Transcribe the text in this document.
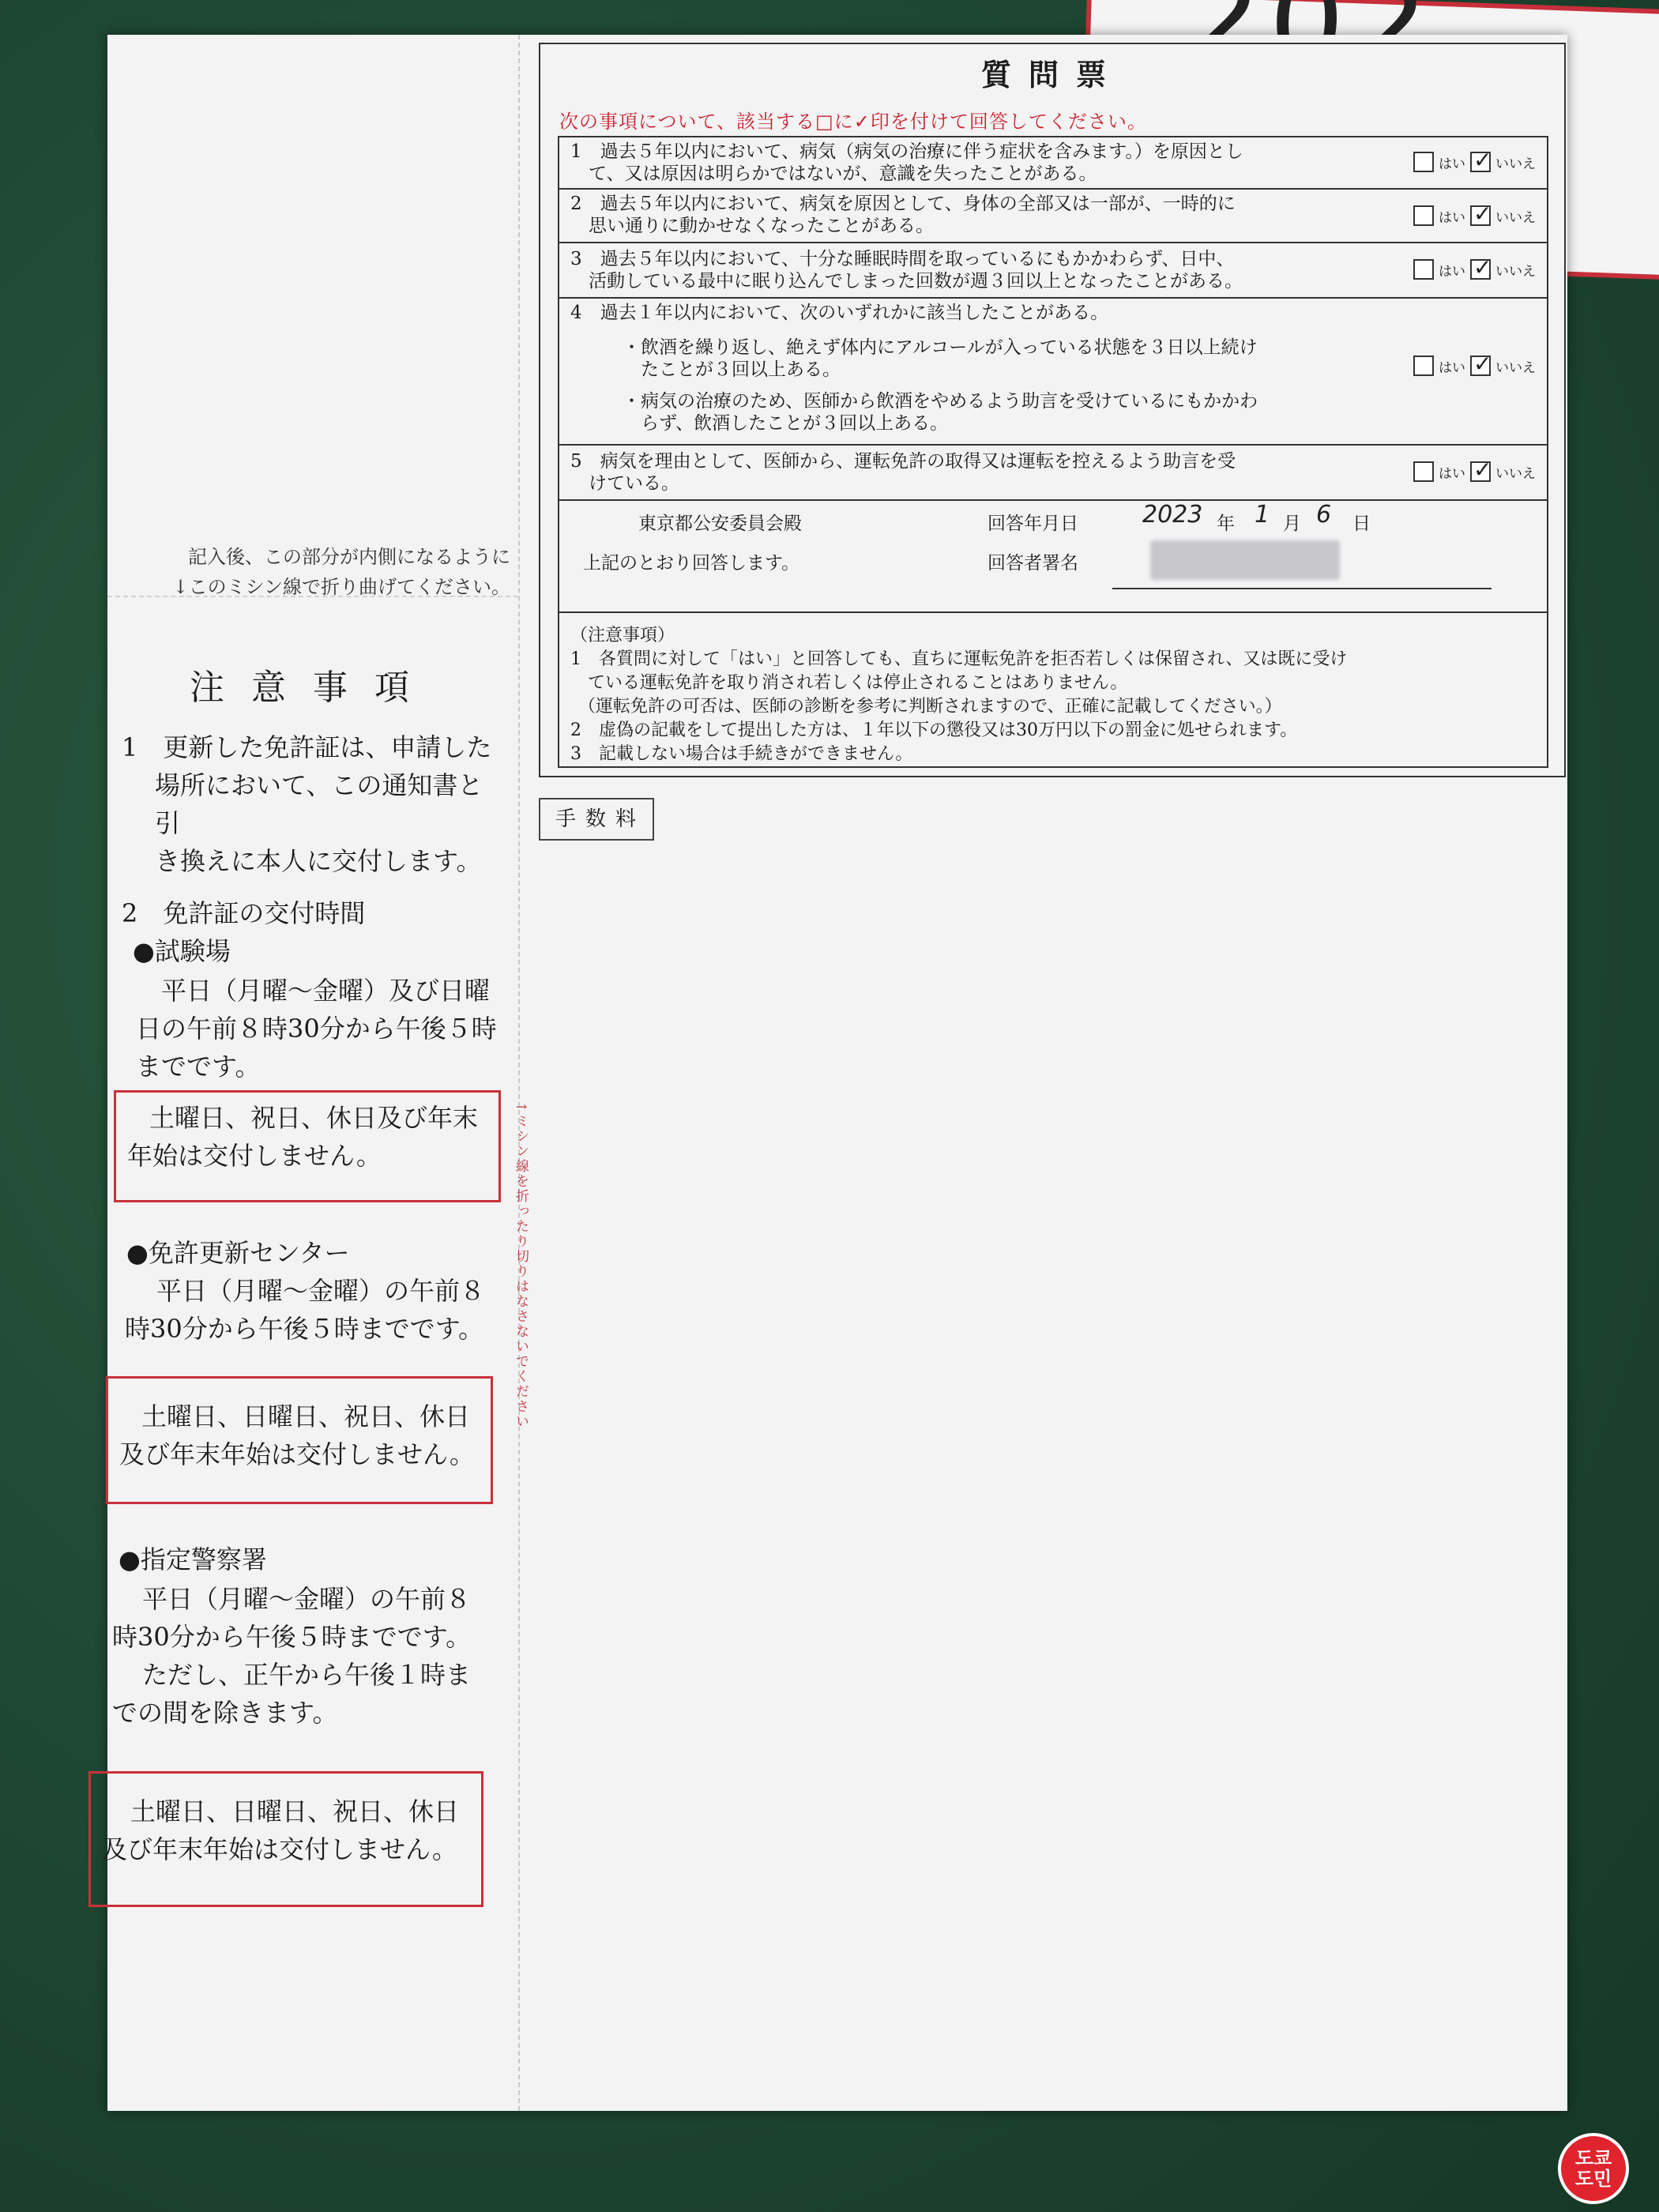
記入後、この部分が内側になるように
↓このミシン線で折り曲げてください。
注意事項
1　更新した免許証は、申請した
場所において、この通知書と引
き換えに本人に交付します。
2　免許証の交付時間
●試験場
平日（月曜～金曜）及び日曜
日の午前８時30分から午後５時
までです。
土曜日、祝日、休日及び年末
年始は交付しません。
●免許更新センター
平日（月曜～金曜）の午前８
時30分から午後５時までです。
土曜日、日曜日、祝日、休日
及び年末年始は交付しません。
●指定警察署
平日（月曜～金曜）の午前８
時30分から午後５時までです。
ただし、正午から午後１時ま
での間を除きます。
土曜日、日曜日、祝日、休日
及び年末年始は交付しません。
↑ミシン線を折ったり切りはなさないでください
質問票
次の事項について、該当する□に✓印を付けて回答してください。
1　過去５年以内において、病気（病気の治療に伴う症状を含みます。）を原因とし
　て、又は原因は明らかではないが、意識を失ったことがある。	はい ✓ いいえ
2　過去５年以内において、病気を原因として、身体の全部又は一部が、一時的に
　思い通りに動かせなくなったことがある。	はい ✓ いいえ
3　過去５年以内において、十分な睡眠時間を取っているにもかかわらず、日中、
　活動している最中に眠り込んでしまった回数が週３回以上となったことがある。	はい ✓ いいえ
4　過去１年以内において、次のいずれかに該当したことがある。
・飲酒を繰り返し、絶えず体内にアルコールが入っている状態を３日以上続け
　たことが３回以上ある。
・病気の治療のため、医師から飲酒をやめるよう助言を受けているにもかかわ
　らず、飲酒したことが３回以上ある。
はい ✓ いいえ
5　病気を理由として、医師から、運転免許の取得又は運転を控えるよう助言を受
　けている。	はい ✓ いいえ
東京都公安委員会殿
上記のとおり回答します。
回答年月日	2023 年 1 月 6 日
回答者署名
（注意事項）
1　各質問に対して「はい」と回答しても、直ちに運転免許を拒否若しくは保留され、又は既に受け
　ている運転免許を取り消され若しくは停止されることはありません。
（運転免許の可否は、医師の診断を参考に判断されますので、正確に記載してください。）
2　虚偽の記載をして提出した方は、１年以下の懲役又は30万円以下の罰金に処せられます。
3　記載しない場合は手続きができません。
手数料
도쿄
도민
